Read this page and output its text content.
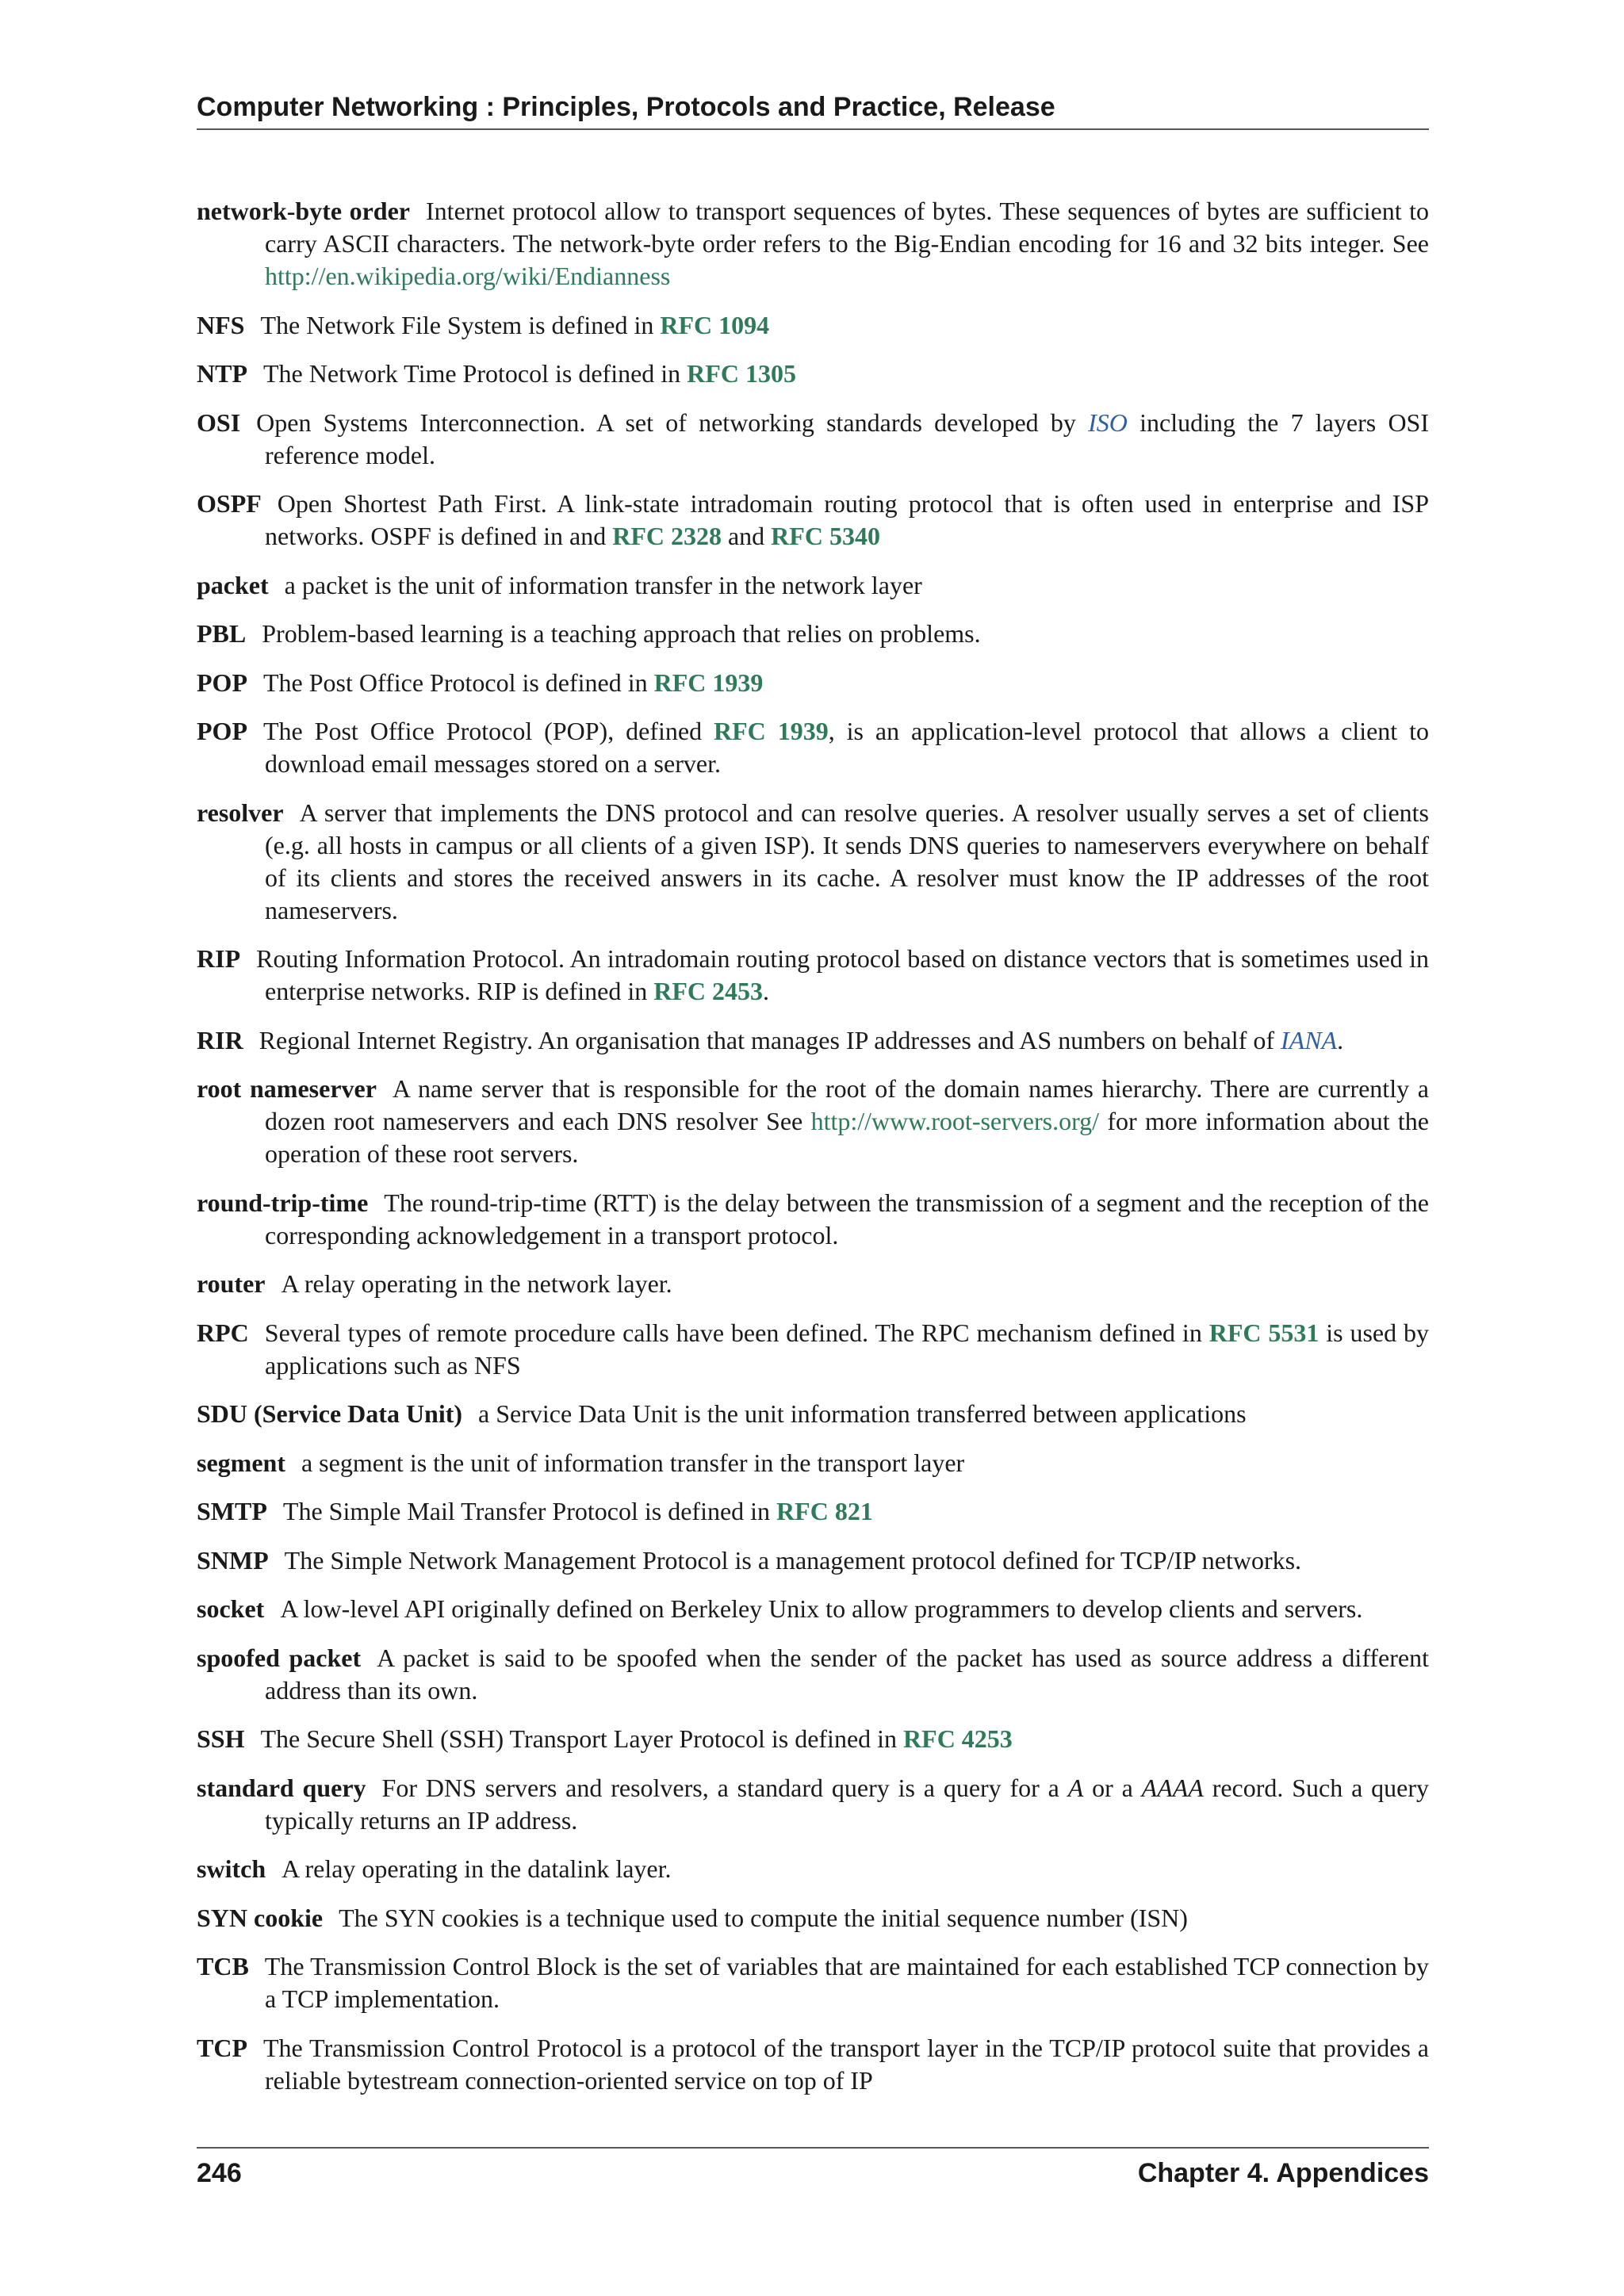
Computer Networking : Principles, Protocols and Practice, Release
network-byte order Internet protocol allow to transport sequences of bytes. These sequences of bytes are sufficient to carry ASCII characters. The network-byte order refers to the Big-Endian encoding for 16 and 32 bits integer. See http://en.wikipedia.org/wiki/Endianness
NFS The Network File System is defined in RFC 1094
NTP The Network Time Protocol is defined in RFC 1305
OSI Open Systems Interconnection. A set of networking standards developed by ISO including the 7 layers OSI reference model.
OSPF Open Shortest Path First. A link-state intradomain routing protocol that is often used in enterprise and ISP networks. OSPF is defined in and RFC 2328 and RFC 5340
packet a packet is the unit of information transfer in the network layer
PBL Problem-based learning is a teaching approach that relies on problems.
POP The Post Office Protocol is defined in RFC 1939
POP The Post Office Protocol (POP), defined RFC 1939, is an application-level protocol that allows a client to download email messages stored on a server.
resolver A server that implements the DNS protocol and can resolve queries. A resolver usually serves a set of clients (e.g. all hosts in campus or all clients of a given ISP). It sends DNS queries to nameservers everywhere on behalf of its clients and stores the received answers in its cache. A resolver must know the IP addresses of the root nameservers.
RIP Routing Information Protocol. An intradomain routing protocol based on distance vectors that is sometimes used in enterprise networks. RIP is defined in RFC 2453.
RIR Regional Internet Registry. An organisation that manages IP addresses and AS numbers on behalf of IANA.
root nameserver A name server that is responsible for the root of the domain names hierarchy. There are currently a dozen root nameservers and each DNS resolver See http://www.root-servers.org/ for more information about the operation of these root servers.
round-trip-time The round-trip-time (RTT) is the delay between the transmission of a segment and the reception of the corresponding acknowledgement in a transport protocol.
router A relay operating in the network layer.
RPC Several types of remote procedure calls have been defined. The RPC mechanism defined in RFC 5531 is used by applications such as NFS
SDU (Service Data Unit) a Service Data Unit is the unit information transferred between applications
segment a segment is the unit of information transfer in the transport layer
SMTP The Simple Mail Transfer Protocol is defined in RFC 821
SNMP The Simple Network Management Protocol is a management protocol defined for TCP/IP networks.
socket A low-level API originally defined on Berkeley Unix to allow programmers to develop clients and servers.
spoofed packet A packet is said to be spoofed when the sender of the packet has used as source address a different address than its own.
SSH The Secure Shell (SSH) Transport Layer Protocol is defined in RFC 4253
standard query For DNS servers and resolvers, a standard query is a query for a A or a AAAA record. Such a query typically returns an IP address.
switch A relay operating in the datalink layer.
SYN cookie The SYN cookies is a technique used to compute the initial sequence number (ISN)
TCB The Transmission Control Block is the set of variables that are maintained for each established TCP connection by a TCP implementation.
TCP The Transmission Control Protocol is a protocol of the transport layer in the TCP/IP protocol suite that provides a reliable bytestream connection-oriented service on top of IP
246	Chapter 4. Appendices
